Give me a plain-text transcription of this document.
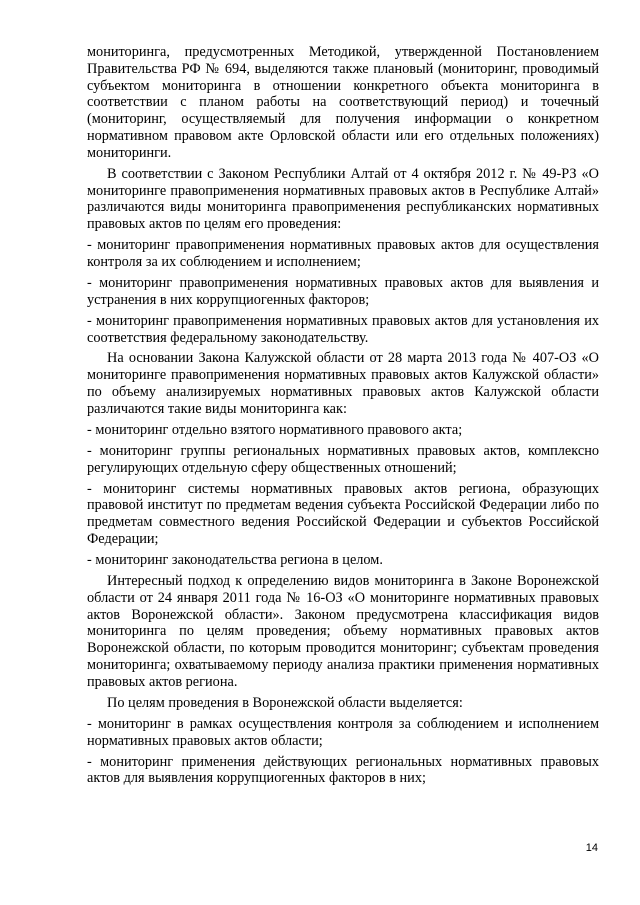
мониторинга, предусмотренных Методикой, утвержденной Постановлением Правительства РФ № 694, выделяются также плановый (мониторинг, проводимый субъектом мониторинга в отношении конкретного объекта мониторинга в соответствии с планом работы на соответствующий период) и точечный (мониторинг, осуществляемый для получения информации о конкретном нормативном правовом акте Орловской области или его отдельных положениях) мониторинги.

В соответствии с Законом Республики Алтай от 4 октября 2012 г. № 49-РЗ «О мониторинге правоприменения нормативных правовых актов в Республике Алтай» различаются виды мониторинга правоприменения республиканских нормативных правовых актов по целям его проведения:

- мониторинг правоприменения нормативных правовых актов для осуществления контроля за их соблюдением и исполнением;

- мониторинг правоприменения нормативных правовых актов для выявления и устранения в них коррупциогенных факторов;

- мониторинг правоприменения нормативных правовых актов для установления их соответствия федеральному законодательству.

На основании Закона Калужской области от 28 марта 2013 года № 407-ОЗ «О мониторинге правоприменения нормативных правовых актов Калужской области» по объему анализируемых нормативных правовых актов Калужской области различаются такие виды мониторинга как:

- мониторинг отдельно взятого нормативного правового акта;

- мониторинг группы региональных нормативных правовых актов, комплексно регулирующих отдельную сферу общественных отношений;

- мониторинг системы нормативных правовых актов региона, образующих правовой институт по предметам ведения субъекта Российской Федерации либо по предметам совместного ведения Российской Федерации и субъектов Российской Федерации;

- мониторинг законодательства региона в целом.

Интересный подход к определению видов мониторинга в Законе Воронежской области от 24 января 2011 года № 16-ОЗ «О мониторинге нормативных правовых актов Воронежской области». Законом предусмотрена классификация видов мониторинга по целям проведения; объему нормативных правовых актов Воронежской области, по которым проводится мониторинг; субъектам проведения мониторинга; охватываемому периоду анализа практики применения нормативных правовых актов региона.

По целям проведения в Воронежской области выделяется:

- мониторинг в рамках осуществления контроля за соблюдением и исполнением нормативных правовых актов области;

- мониторинг применения действующих региональных нормативных правовых актов для выявления коррупциогенных факторов в них;

14
